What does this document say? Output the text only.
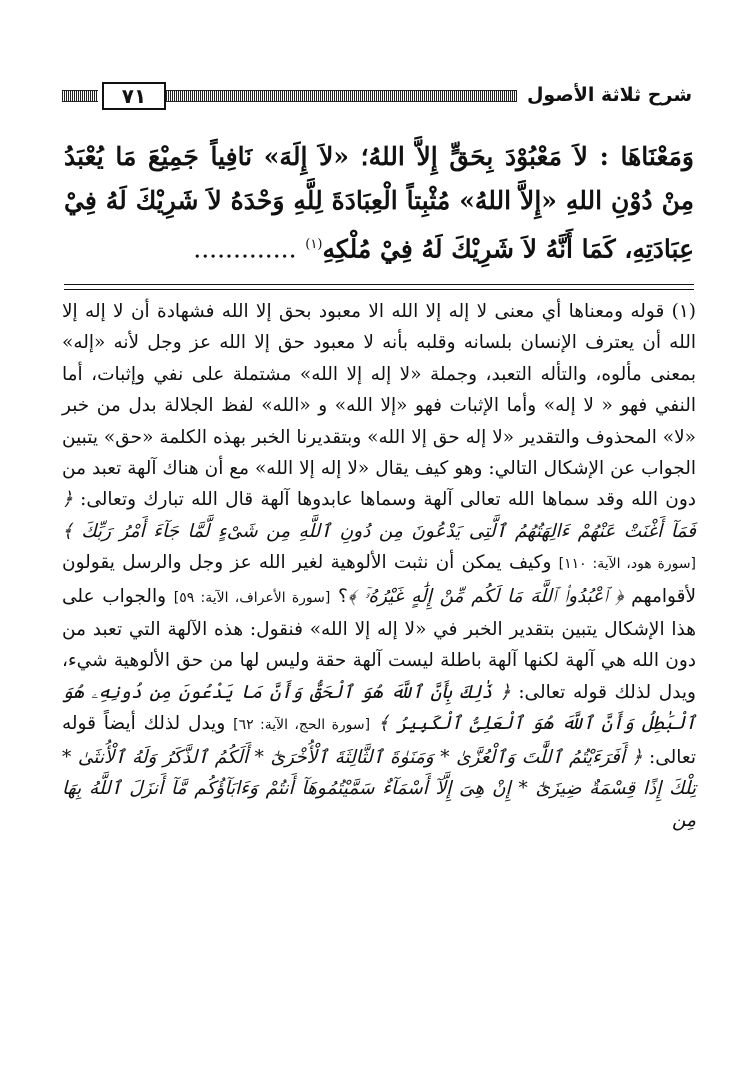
شرح ثلاثة الأصول
٧١
وَمَعْنَاهَا : لاَ مَعْبُوْدَ بِحَقٍّ إِلاَّ اللهُ؛ «لاَ إِلَهَ» نَافِياً جَمِيْعَ مَا يُعْبَدُ مِنْ دُوْنِ اللهِ «إِلاَّ اللهُ» مُثْبِتاً الْعِبَادَةَ لِلَّهِ وَحْدَهُ لاَ شَرِيْكَ لَهُ فِيْ عِبَادَتِهِ، كَمَا أَنَّهُ لاَ شَرِيْكَ لَهُ فِيْ مُلْكِهِ$^{(١)}$ .............
(١) قوله ومعناها أي معنى لا إله إلا الله الا معبود بحق إلا الله فشهادة أن لا إله إلا الله أن يعترف الإنسان بلسانه وقلبه بأنه لا معبود حق إلا الله عز وجل لأنه «إله» بمعنى مألوه، والتأله التعبد، وجملة «لا إله إلا الله» مشتملة على نفي وإثبات، أما النفي فهو « لا إله» وأما الإثبات فهو «إلا الله» و «الله» لفظ الجلالة بدل من خبر «لا» المحذوف والتقدير «لا إله حق إلا الله» وبتقديرنا الخبر بهذه الكلمة «حق» يتبين الجواب عن الإشكال التالي: وهو كيف يقال «لا إله إلا الله» مع أن هناك آلهة تعبد من دون الله وقد سماها الله تعالى آلهة وسماها عابدوها آلهة قال الله تبارك وتعالى: ﴿ فَمَآ أَغْنَتْ عَنْهُمْ ءَالِهَتُهُمُ ٱلَّتِى يَدْعُونَ مِن دُونِ ٱللَّهِ مِن شَىْءٍ لَّمَّا جَآءَ أَمْرُ رَبِّكَ ﴾ [سورة هود، الآية: ١١٠] وكيف يمكن أن نثبت الألوهية لغير الله عز وجل والرسل يقولون لأقوامهم ﴿ ٱعْبُدُوا۟ ٱللَّهَ مَا لَكُم مِّنْ إِلَٰهٍ غَيْرُهُۥٓ ﴾؟ [سورة الأعراف، الآية: ٥٩] والجواب على هذا الإشكال يتبين بتقدير الخبر في «لا إله إلا الله» فنقول: هذه الآلهة التي تعبد من دون الله هي آلهة لكنها آلهة باطلة ليست آلهة حقة وليس لها من حق الألوهية شيء، ويدل لذلك قوله تعالى: ﴿ ذَٰلِكَ بِأَنَّ ٱللَّهَ هُوَ ٱلْحَقُّ وَأَنَّ مَا يَدْعُونَ مِن دُونِهِۦ هُوَ ٱلْبَٰطِلُ وَأَنَّ ٱللَّهَ هُوَ ٱلْعَلِىُّ ٱلْكَبِيرُ ﴾ [سورة الحج، الآية: ٦٢] ويدل لذلك أيضاً قوله تعالى: ﴿ أَفَرَءَيْتُمُ ٱللَّٰتَ وَٱلْعُزَّىٰ * وَمَنَوٰةَ ٱلثَّالِثَةَ ٱلْأُخْرَىٰٓ * أَلَكُمُ ٱلذَّكَرُ وَلَهُ ٱلْأُنثَىٰ * تِلْكَ إِذًا قِسْمَةٌ ضِيزَىٰٓ * إِنْ هِىَ إِلَّآ أَسْمَآءٌ سَمَّيْتُمُوهَآ أَنتُمْ وَءَابَآؤُكُم مَّآ أَنزَلَ ٱللَّهُ بِهَا مِن
